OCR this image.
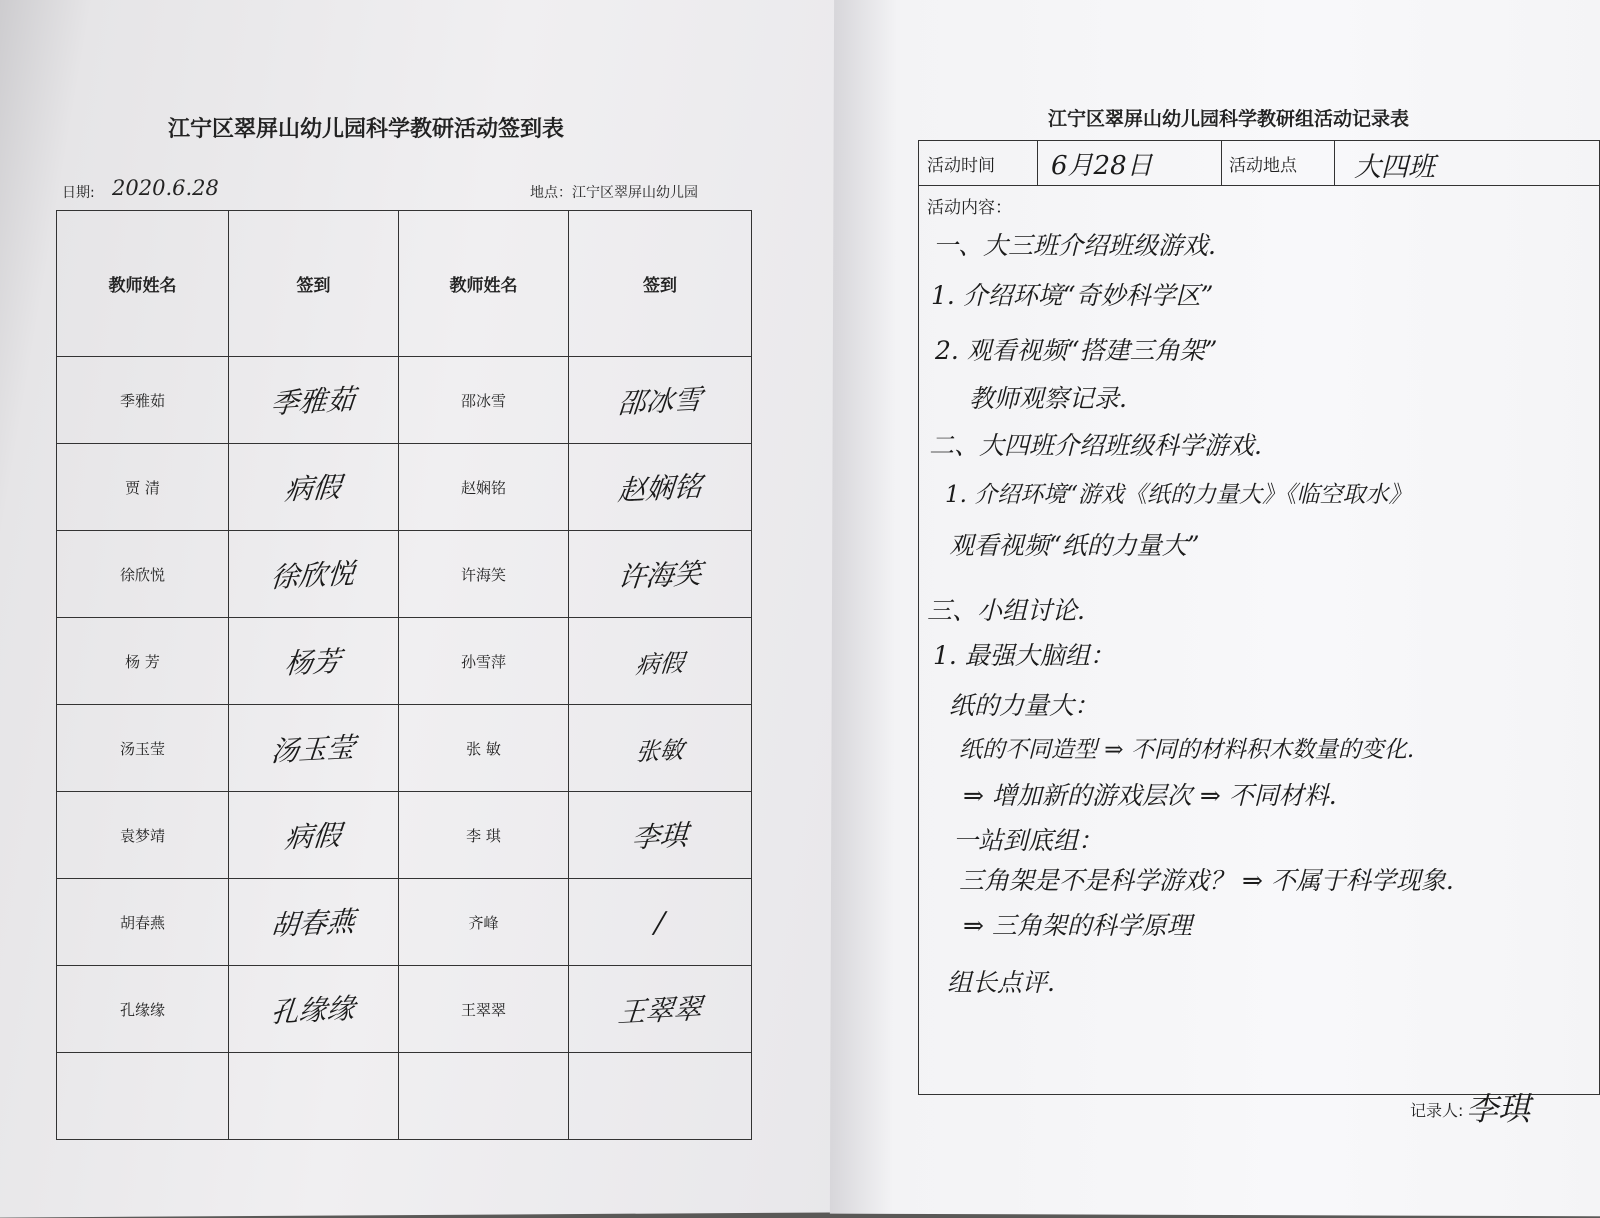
江宁区翠屏山幼儿园科学教研活动签到表
日期: 2020.6.28	地点：江宁区翠屏山幼儿园
教师姓名	签到	教师姓名	签到
季雅茹	季雅茹	邵冰雪	邵冰雪
贾 清	病假	赵娴铭	赵娴铭
徐欣悦	徐欣悦	许海笑	许海笑
杨 芳	杨芳	孙雪萍	病假
汤玉莹	汤玉莹	张 敏	张敏
袁梦靖	病假	李 琪	李琪
胡春燕	胡春燕	齐峰	/
孔缘缘	孔缘缘	王翠翠	王翠翠

江宁区翠屏山幼儿园科学教研组活动记录表
活动时间 6月28日	活动地点 大四班
活动内容：
一、大三班介绍班级游戏.
1. 介绍环境“奇妙科学区”
2. 观看视频“搭建三角架”
教师观察记录.
二、大四班介绍班级科学游戏.
1. 介绍环境“游戏《纸的力量大》《临空取水》
观看视频“纸的力量大”
三、小组讨论.
1. 最强大脑组：
纸的力量大：
纸的不同造型 ⇒ 不同的材料积木数量的变化.
⇒ 增加新的游戏层次 ⇒ 不同材料.
一站到底组：
三角架是不是科学游戏？ ⇒ 不属于科学现象.
⇒ 三角架的科学原理
组长点评.
记录人: 李琪
